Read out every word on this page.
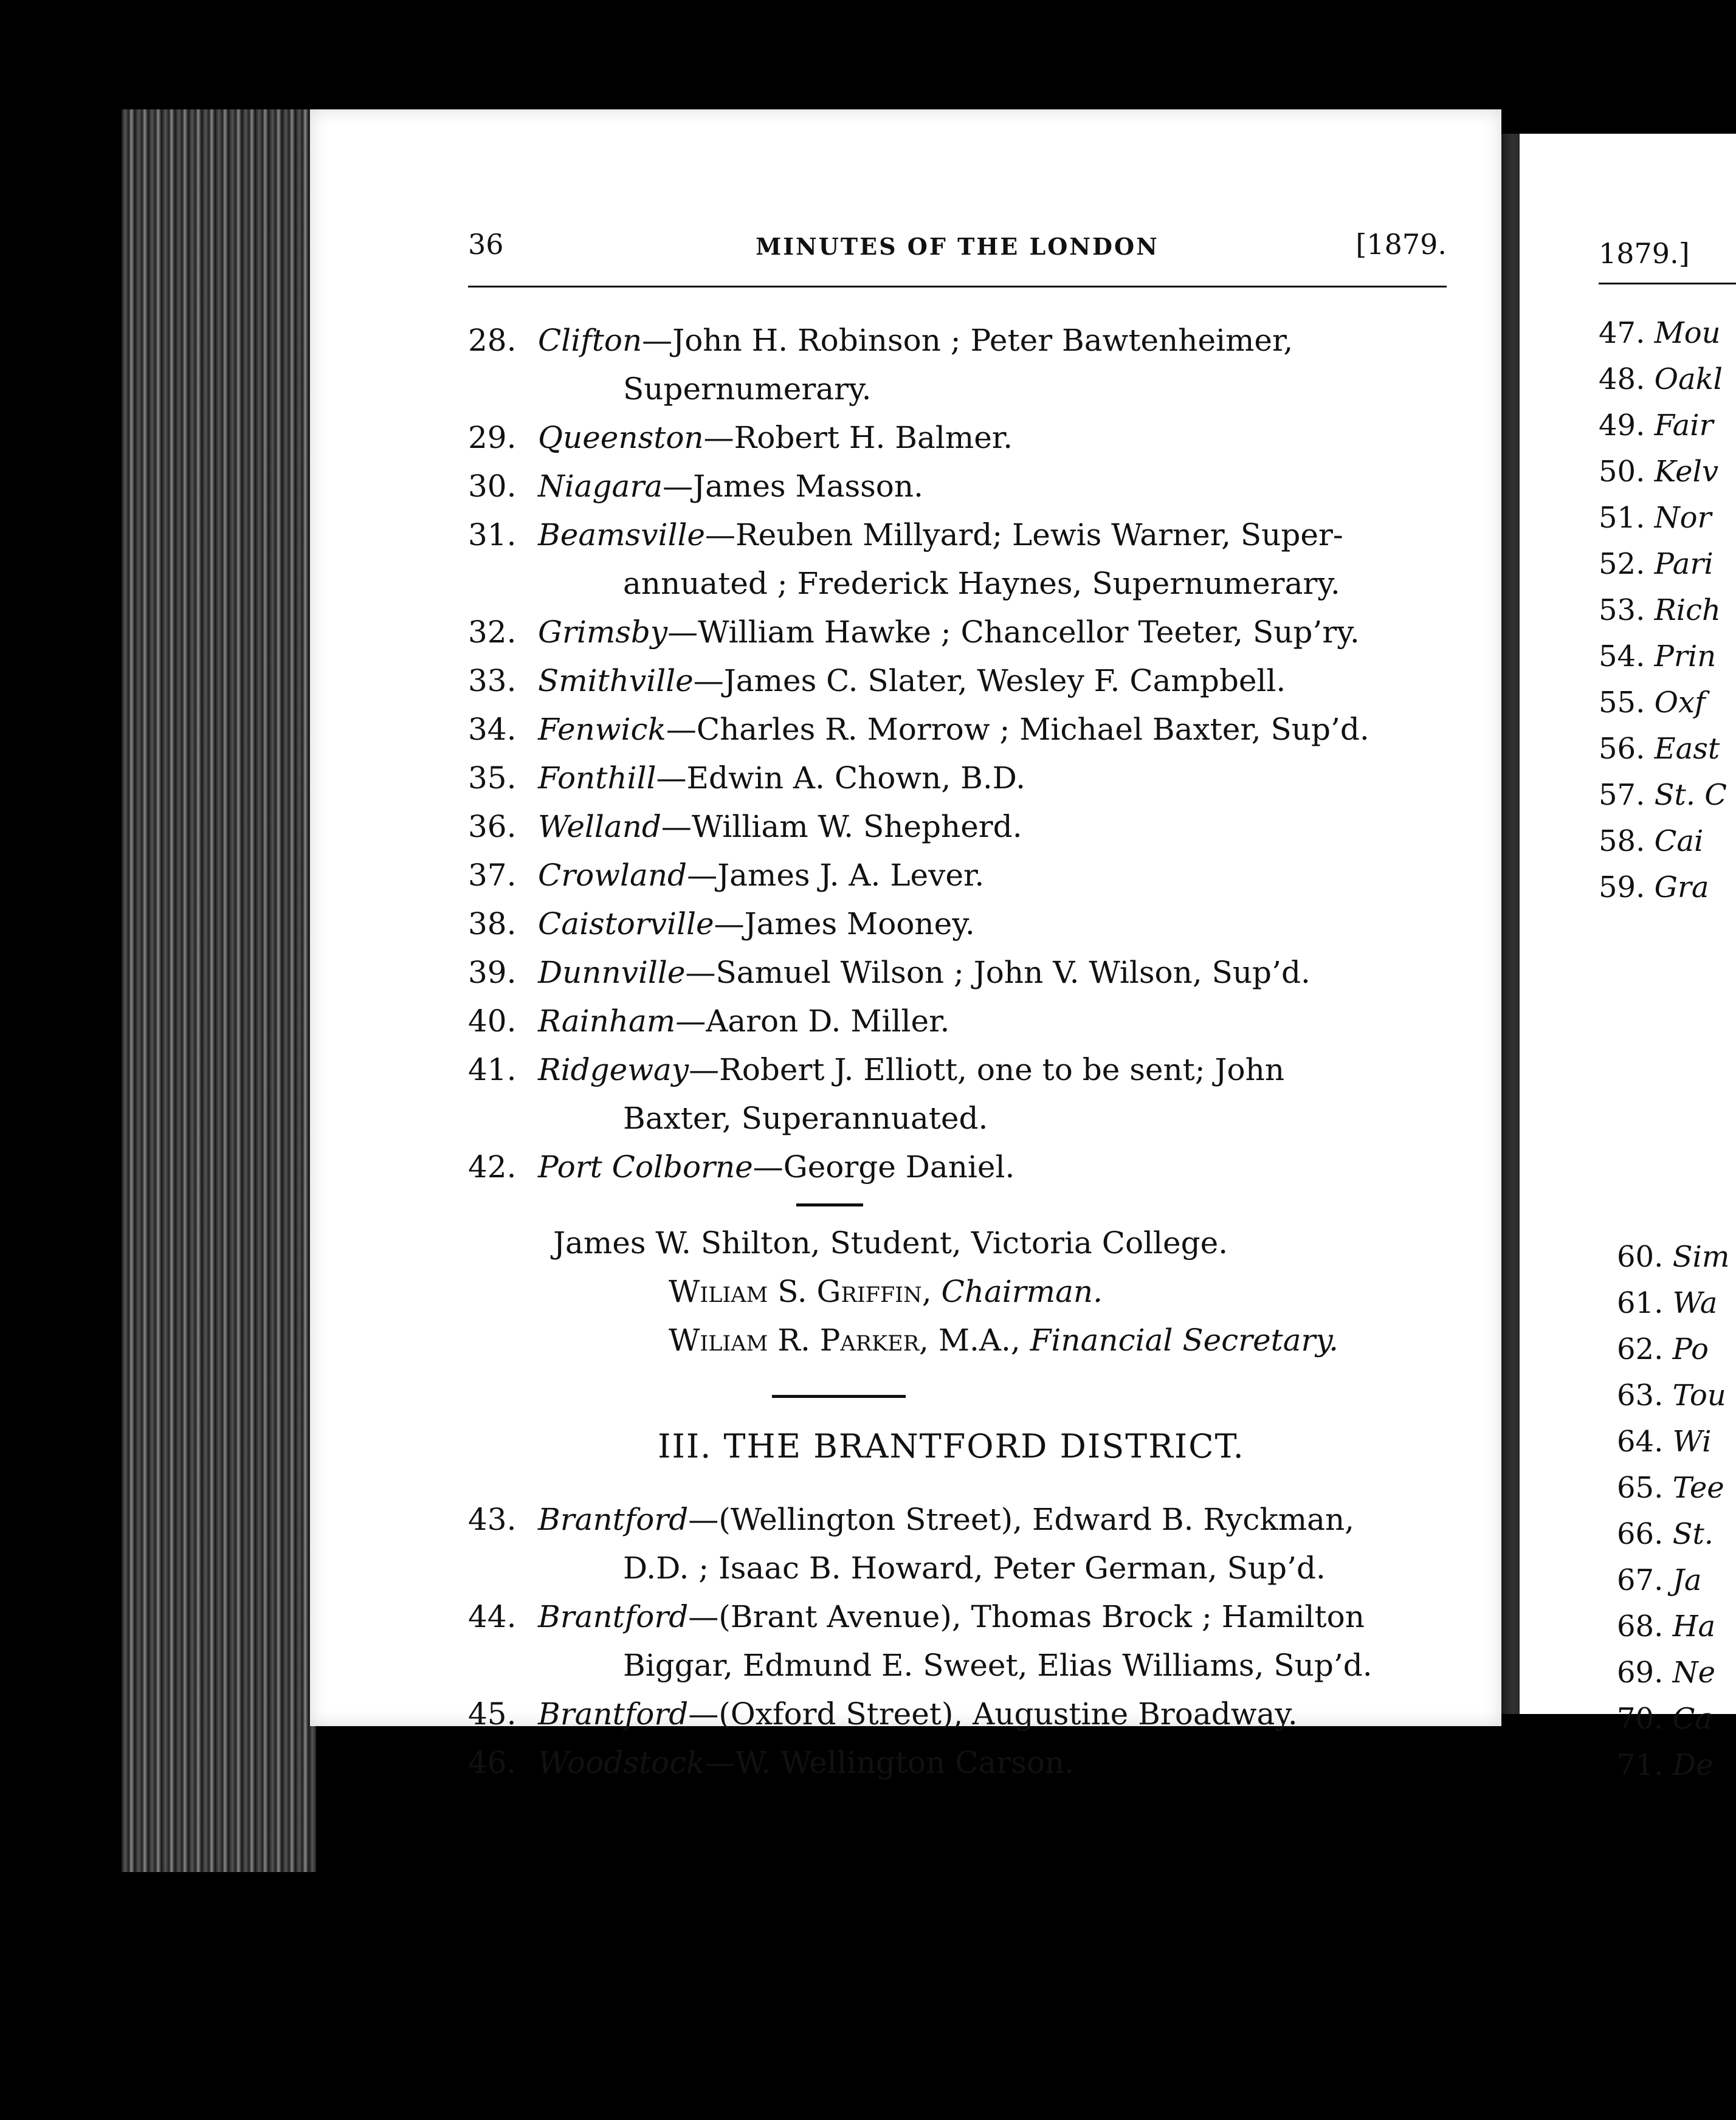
36	MINUTES OF THE LONDON	[1879.
28. Clifton—John H. Robinson ; Peter Bawtenheimer,
Supernumerary.
29. Queenston—Robert H. Balmer.
30. Niagara—James Masson.
31. Beamsville—Reuben Millyard; Lewis Warner, Super-
annuated ; Frederick Haynes, Supernumerary.
32. Grimsby—William Hawke ; Chancellor Teeter, Sup’ry.
33. Smithville—James C. Slater, Wesley F. Campbell.
34. Fenwick—Charles R. Morrow ; Michael Baxter, Sup’d.
35. Fonthill—Edwin A. Chown, B.D.
36. Welland—William W. Shepherd.
37. Crowland—James J. A. Lever.
38. Caistorville—James Mooney.
39. Dunnville—Samuel Wilson ; John V. Wilson, Sup’d.
40. Rainham—Aaron D. Miller.
41. Ridgeway—Robert J. Elliott, one to be sent; John
Baxter, Superannuated.
42. Port Colborne—George Daniel.
James W. Shilton, Student, Victoria College.
Wiliam S. Griffin, Chairman.
Wiliam R. Parker, M.A., Financial Secretary.
III. THE BRANTFORD DISTRICT.
43. Brantford—(Wellington Street), Edward B. Ryckman,
D.D. ; Isaac B. Howard, Peter German, Sup’d.
44. Brantford—(Brant Avenue), Thomas Brock ; Hamilton
Biggar, Edmund E. Sweet, Elias Williams, Sup’d.
45. Brantford—(Oxford Street), Augustine Broadway.
46. Woodstock—W. Wellington Carson.
1879.]
47. Mou
48. Oakl
49. Fair
50. Kelv
51. Nor
52. Pari
53. Rich
54. Prin
55. Oxf
56. East
57. St. C
58. Cai
59. Gra
60. Sim
61. Wa
62. Po
63. Tou
64. Wi
65. Tee
66. St.
67. Ja
68. Ha
69. Ne
70. Ca
71. De
